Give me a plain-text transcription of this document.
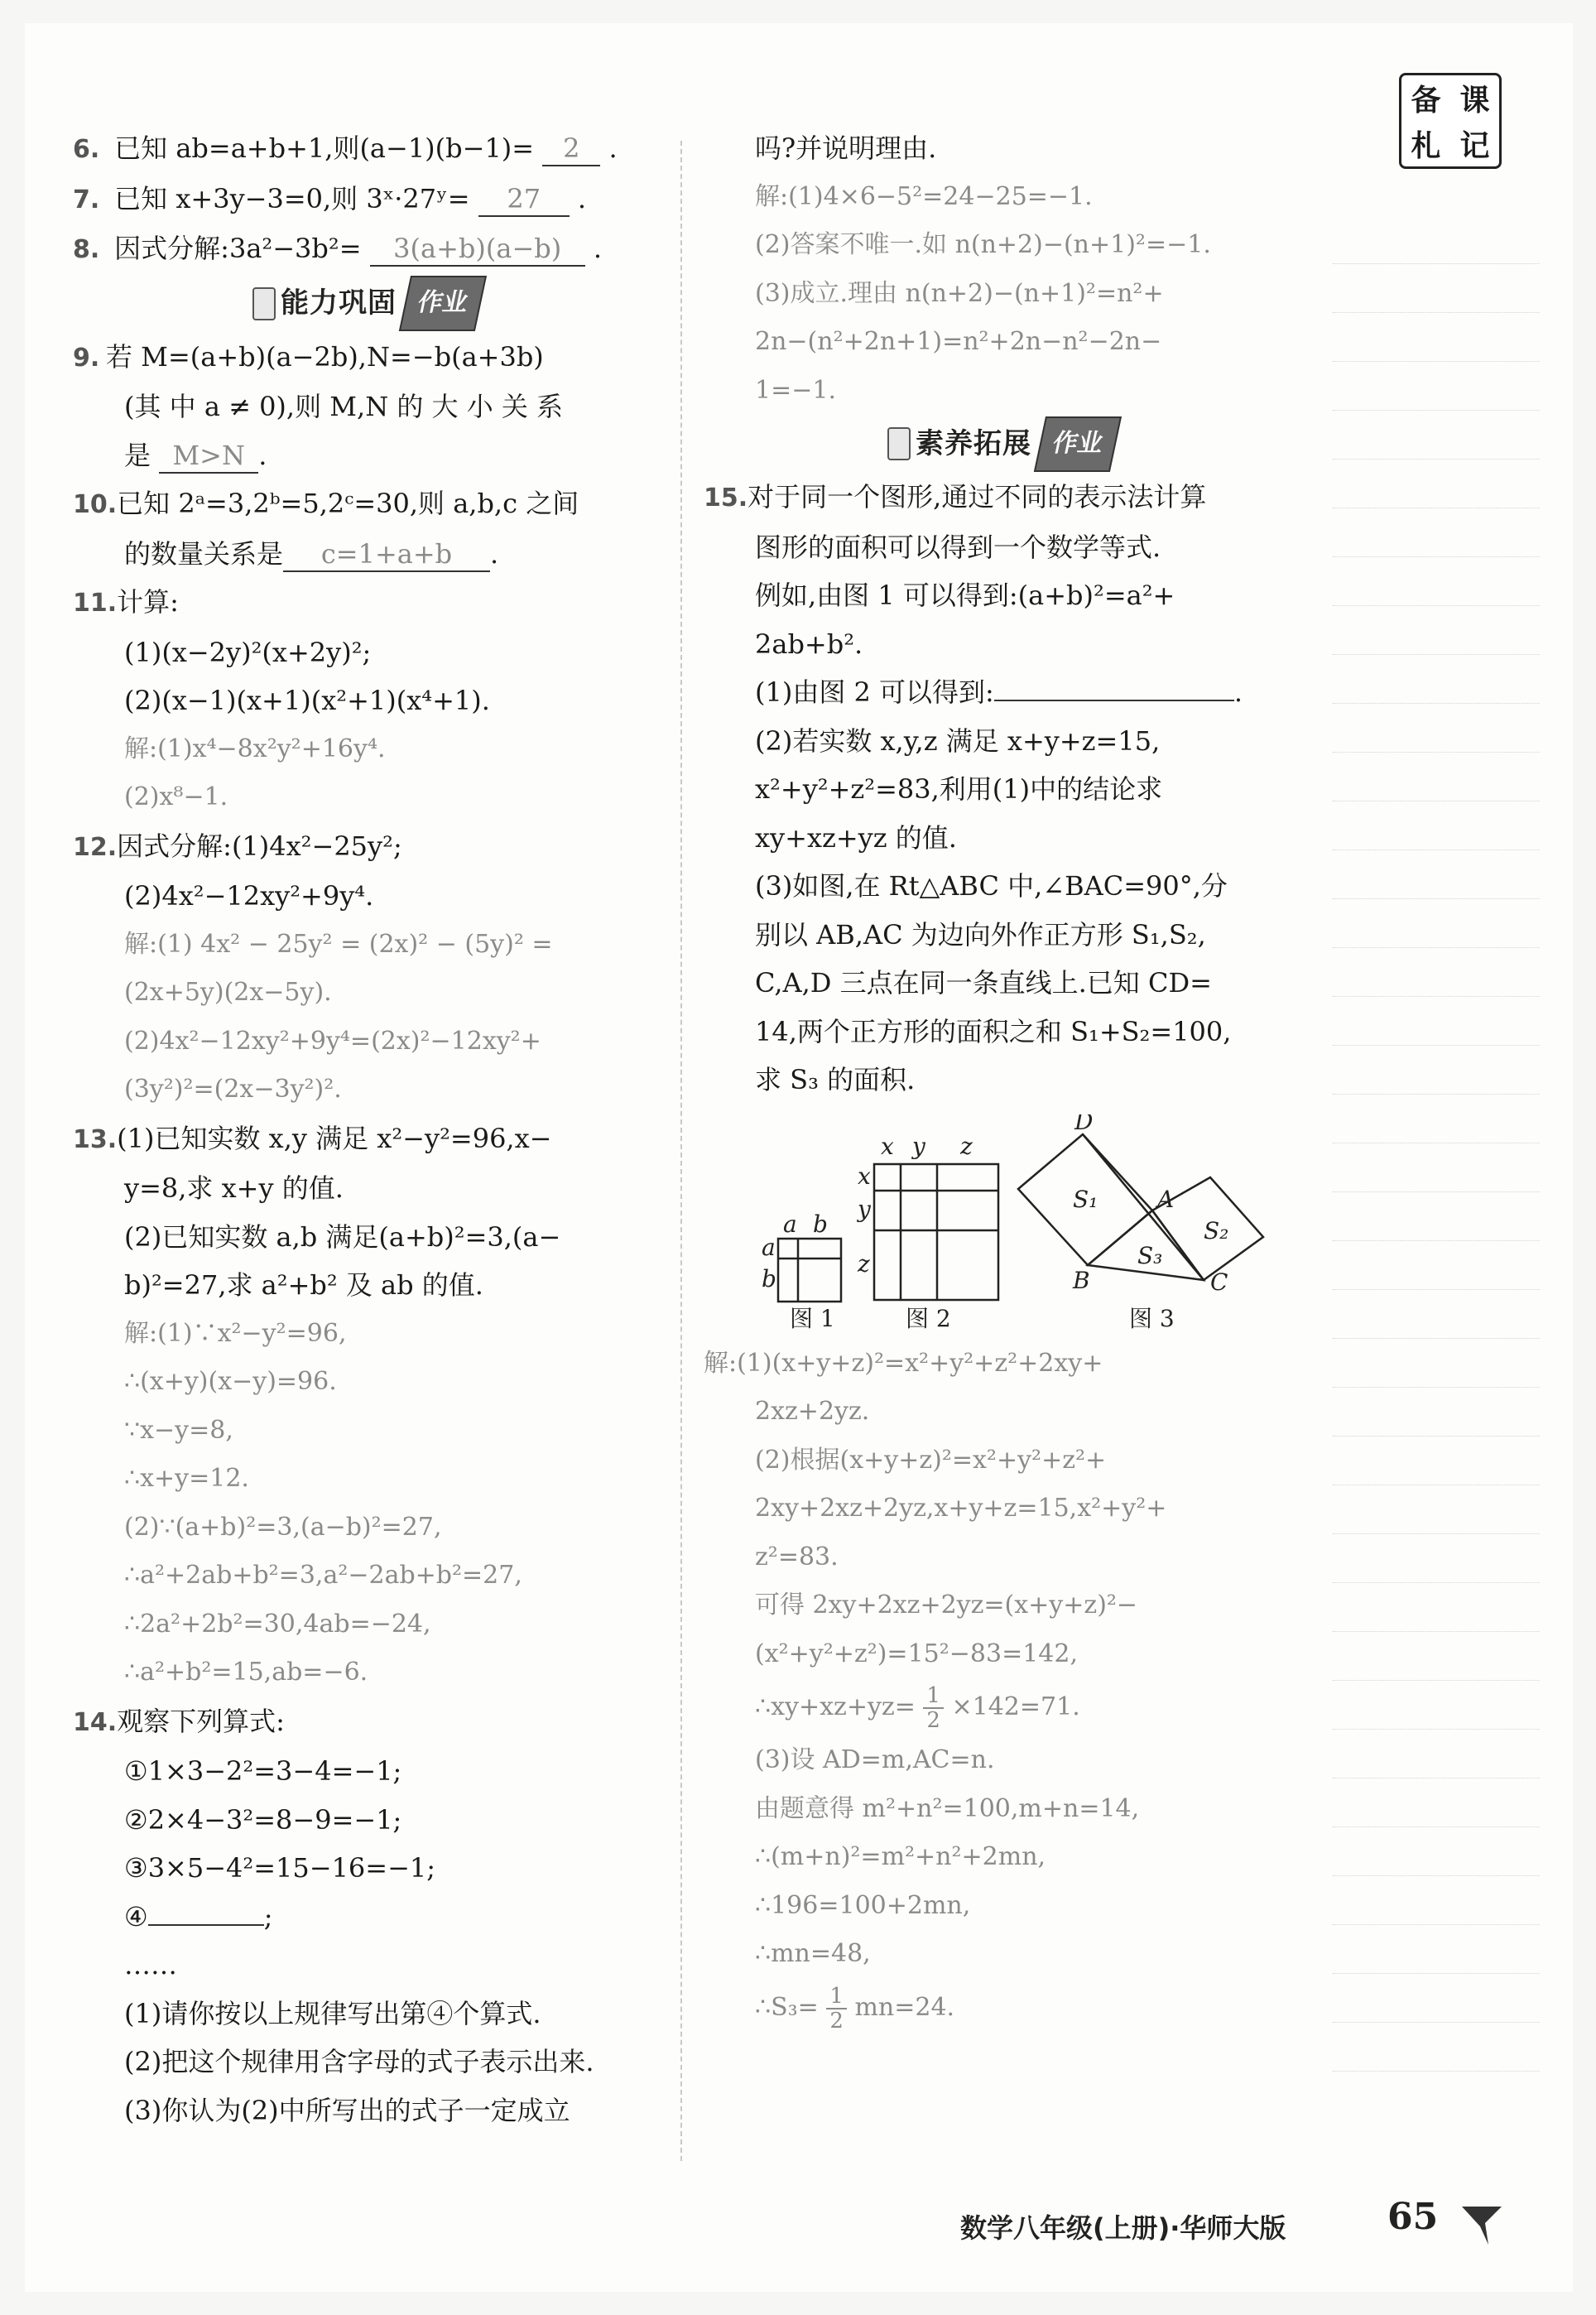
备 课
札 记
6. 已知 ab=a+b+1,则(a−1)(b−1)= 2 .
7. 已知 x+3y−3=0,则 3ˣ·27ʸ= 27 .
8. 因式分解:3a²−3b²= 3(a+b)(a−b) .
能力巩固 作业
9. 若 M=(a+b)(a−2b),N=−b(a+3b)
(其 中 a ≠ 0),则 M,N 的 大 小 关 系
是 M>N .
10.已知 2ᵃ=3,2ᵇ=5,2ᶜ=30,则 a,b,c 之间
的数量关系是 c=1+a+b .
11.计算:
(1)(x−2y)²(x+2y)²;
(2)(x−1)(x+1)(x²+1)(x⁴+1).
解:(1)x⁴−8x²y²+16y⁴.
(2)x⁸−1.
12.因式分解:(1)4x²−25y²;
(2)4x²−12xy²+9y⁴.
解:(1) 4x² − 25y² = (2x)² − (5y)² =
(2x+5y)(2x−5y).
(2)4x²−12xy²+9y⁴=(2x)²−12xy²+
(3y²)²=(2x−3y²)².
13.(1)已知实数 x,y 满足 x²−y²=96,x−
y=8,求 x+y 的值.
(2)已知实数 a,b 满足(a+b)²=3,(a−
b)²=27,求 a²+b² 及 ab 的值.
解:(1)∵x²−y²=96,
∴(x+y)(x−y)=96.
∵x−y=8,
∴x+y=12.
(2)∵(a+b)²=3,(a−b)²=27,
∴a²+2ab+b²=3,a²−2ab+b²=27,
∴2a²+2b²=30,4ab=−24,
∴a²+b²=15,ab=−6.
14.观察下列算式:
①1×3−2²=3−4=−1;
②2×4−3²=8−9=−1;
③3×5−4²=15−16=−1;
④	;
……
(1)请你按以上规律写出第④个算式.
(2)把这个规律用含字母的式子表示出来.
(3)你认为(2)中所写出的式子一定成立
吗?并说明理由.
解:(1)4×6−5²=24−25=−1.
(2)答案不唯一.如 n(n+2)−(n+1)²=−1.
(3)成立.理由 n(n+2)−(n+1)²=n²+
2n−(n²+2n+1)=n²+2n−n²−2n−
1=−1.
素养拓展 作业
15.对于同一个图形,通过不同的表示法计算
图形的面积可以得到一个数学等式.
例如,由图 1 可以得到:(a+b)²=a²+
2ab+b².
(1)由图 2 可以得到:	.
(2)若实数 x,y,z 满足 x+y+z=15,
x²+y²+z²=83,利用(1)中的结论求
xy+xz+yz 的值.
(3)如图,在 Rt△ABC 中,∠BAC=90°,分
别以 AB,AC 为边向外作正方形 S₁,S₂,
C,A,D 三点在同一条直线上.已知 CD=
14,两个正方形的面积之和 S₁+S₂=100,
求 S₃ 的面积.
a b
a
b
图 1
x y z
x
y
z
图 2
D
A
B	C
S₁
S₂
S₃
图 3
解:(1)(x+y+z)²=x²+y²+z²+2xy+
2xz+2yz.
(2)根据(x+y+z)²=x²+y²+z²+
2xy+2xz+2yz,x+y+z=15,x²+y²+
z²=83.
可得 2xy+2xz+2yz=(x+y+z)²−
(x²+y²+z²)=15²−83=142,
∴xy+xz+yz= $\frac{1}{2} \times 142=71$.
(3)设 AD=m,AC=n.
由题意得 m²+n²=100,m+n=14,
∴(m+n)²=m²+n²+2mn,
∴196=100+2mn,
∴mn=48,
∴S₃= $\frac{1}{2} mn=24$.
数学八年级(上册)·华师大版	65
